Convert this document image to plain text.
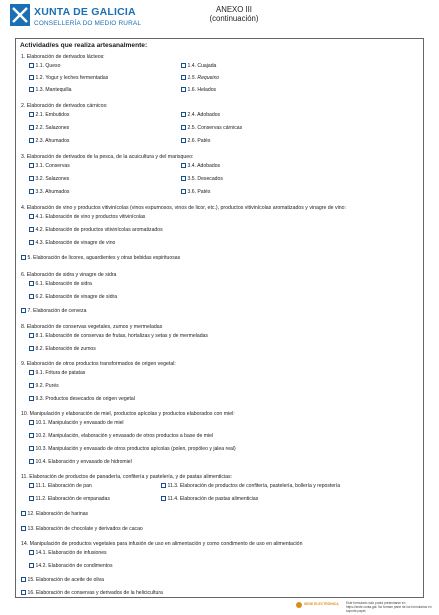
XUNTA DE GALICIA
CONSELLERÍA DO MEDIO RURAL
ANEXO III
(continuación)
Actividad/es que realiza artesanalmente:
1. Elaboración de derivados lácteos:
1.1. Queso
1.2. Yogur y leches fermentadas
1.3. Mantequilla
1.4. Cuajada
1.5. Requeixo
1.6. Helados
2. Elaboración de derivados cárnicos:
2.1. Embutidos
2.2. Salazones
2.3. Ahumados
2.4. Adobados
2.5. Conservas cárnicas
2.6. Patés
3. Elaboración de derivados de la pesca, de la acuicultura y del marisqueo:
3.1. Conservas
3.2. Salazones
3.3. Ahumados
3.4. Adobados
3.5. Desecados
3.6. Patés
4. Elaboración de vino y productos vitivinícolas (vinos espumosos, vinos de licor, etc.), productos vitivinícolas aromatizados y vinagre de vino:
4.1. Elaboración de vino y productos vitivinícolas
4.2. Elaboración de productos vitivinícolas aromatizados
4.3. Elaboración de vinagre de vino
5. Elaboración de licores, aguardientes y otras bebidas espirituosas
6. Elaboración de sidra y vinagre de sidra
6.1. Elaboración de sidra
6.2. Elaboración de vinagre de sidra
7. Elaboración de cerveza
8. Elaboración de conservas vegetales, zumos y mermeladas
8.1. Elaboración de conservas de frutas, hortalizas y setas y de mermeladas
8.2. Elaboración de zumos
9. Elaboración de otros productos transformados de origen vegetal:
9.1. Fritura de patatas
9.2. Purés
9.3. Productos desecados de origen vegetal
10. Manipulación y elaboración de miel, productos apícolas y productos elaborados con miel:
10.1. Manipulación y envasado de miel
10.2. Manipulación, elaboración y envasado de otros productos a base de miel
10.3. Manipulación y envasado de otros productos apícolas (polen, propóleo y jalea real)
10.4. Elaboración y envasado de hidromiel
11. Elaboración de productos de panadería, confitería y pastelería, y de pastas alimenticias:
11.1. Elaboración de pan
11.2. Elaboración de empanadas
11.3. Elaboración de productos de confitería, pastelería, bollería y repostería
11.4. Elaboración de pastas alimenticias
12. Elaboración de harinas
13. Elaboración de chocolate y derivados de cacao
14. Manipulación de productos vegetales para infusión de uso en alimentación y como condimento de uso en alimentación
14.1. Elaboración de infusiones
14.2. Elaboración de condimentos
15. Elaboración de aceite de oliva
16. Elaboración de conservas y derivados de la helicicultura
SEDE ELECTRÓNICA Este formulario sólo podrá presentarse en https://sede.xunta.gal. No forman parte de los formularios en soporte papel.
